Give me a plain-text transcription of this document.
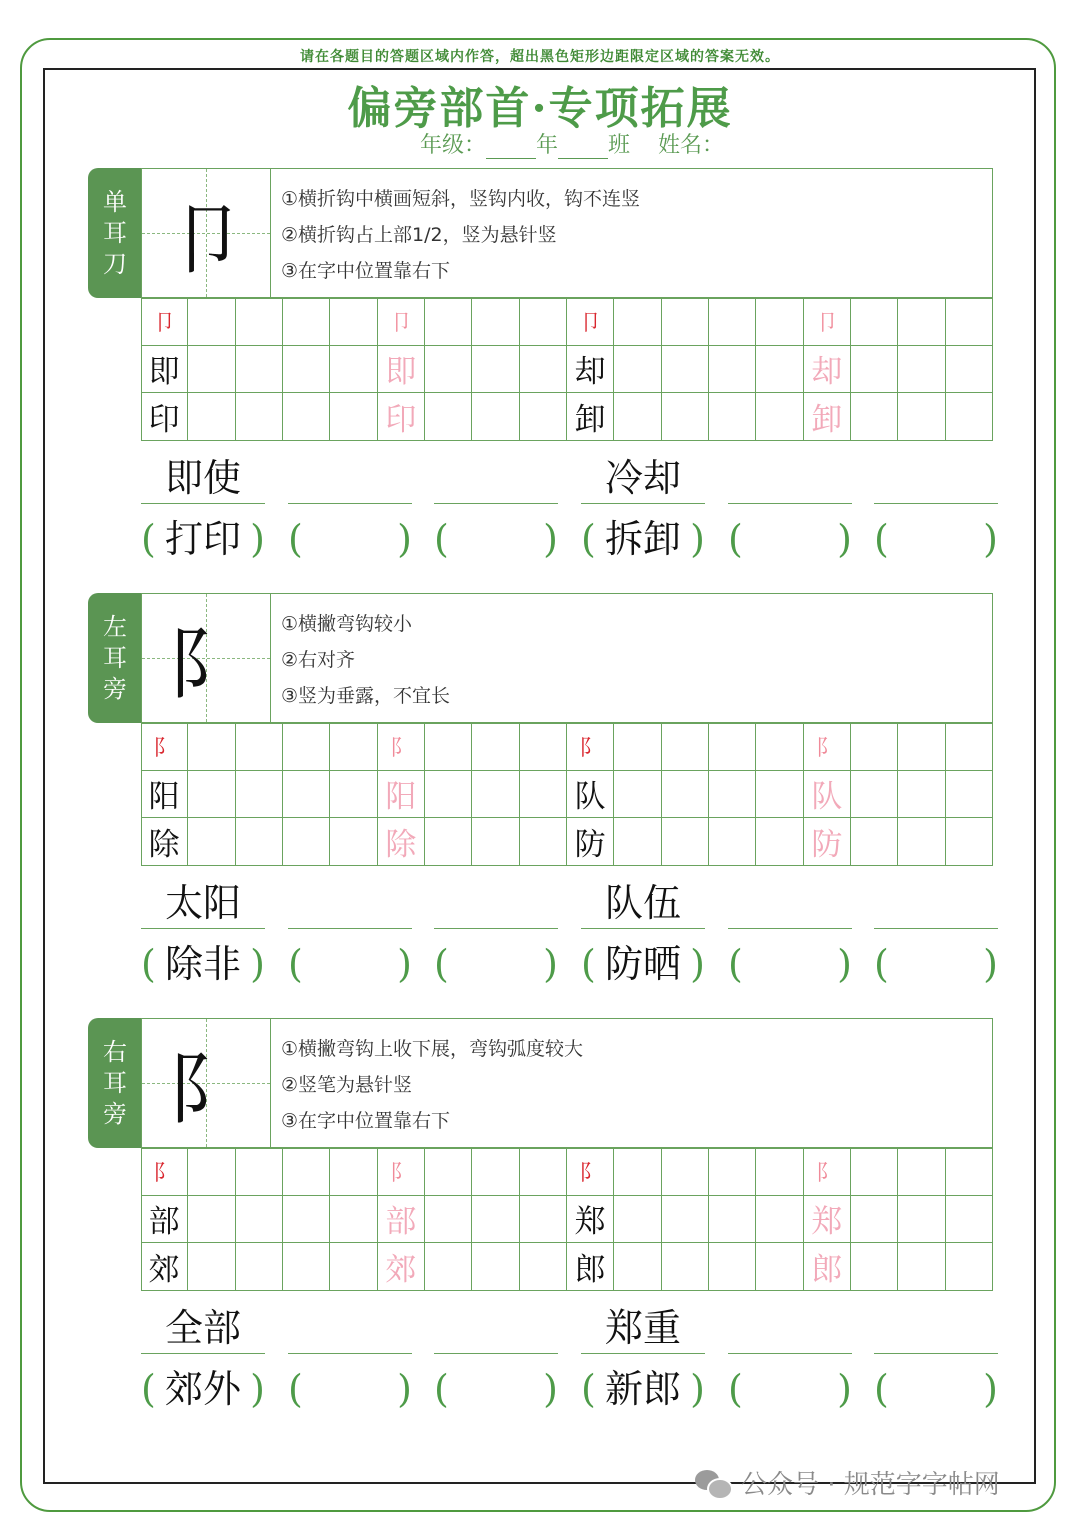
请在各题目的答题区域内作答，超出黑色矩形边距限定区域的答案无效。
偏旁部首·专项拓展
年级： 年 班 姓名：
单
耳
刀 卩	①横折钩中横画短斜，竖钩内收，钩不连竖
②横折钩占上部1/2，竖为悬针竖
③在字中位置靠右下
卩	卩	卩	卩
即	即	却	却
印	印	卸	卸
即使
( 打印 ) ( ) ( )
冷却
( 拆卸 ) ( ) ( )
左
耳
旁 阝	①横撇弯钩较小
②右对齐
③竖为垂露，不宜长
阝	阝	阝	阝
阳	阳	队	队
除	除	防	防
太阳
( 除非 ) ( ) ( )
队伍
( 防晒 ) ( ) ( )
右
耳
旁 阝	①横撇弯钩上收下展，弯钩弧度较大
②竖笔为悬针竖
③在字中位置靠右下
阝	阝	阝	阝
部	部	郑	郑
郊	郊	郎	郎
全部
( 郊外 ) ( ) ( )
郑重
( 新郎 ) ( ) ( )
公众号 · 规范字字帖网
